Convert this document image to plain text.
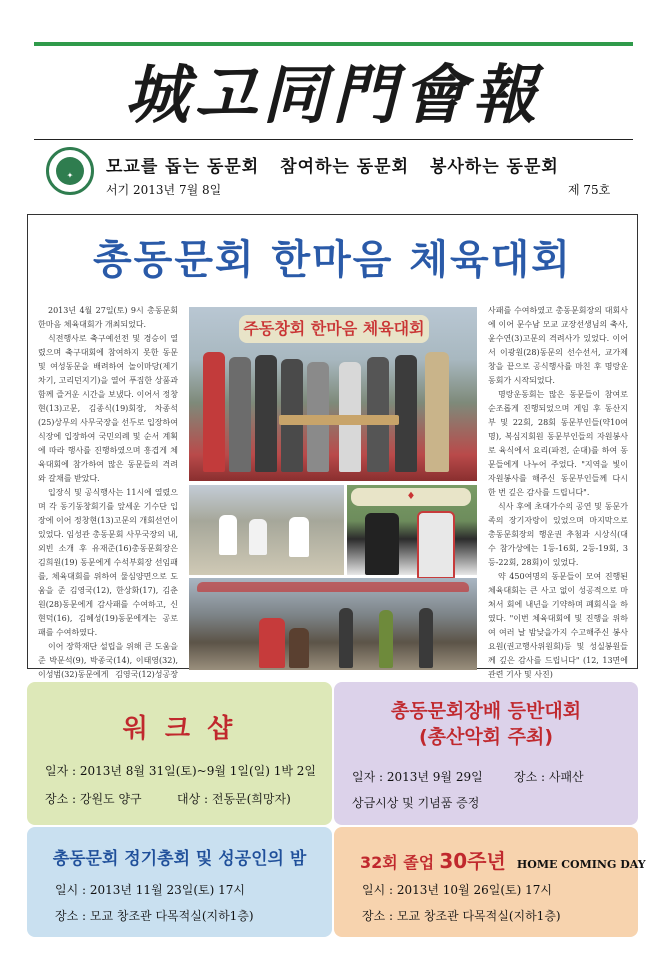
城고同門會報
✦	모교를 돕는 동문회 참여하는 동문회 봉사하는 동문회
서기 2013년 7월 8일	제 75호
총동문회 한마음 체육대회

2013년 4월 27일(토) 9시 총동문회 한마음 체육대회가 개최되었다.

식전행사로 축구예선전 및 경승이 열렸으며 축구대회에 참여하지 못한 동문 및 여성동문을 배려하여 놀이마당(제기차기, 고리던지기)을 열어 푸짐한 상품과 함께 즐거운 시간을 보냈다. 이어서 정창현(13)고문, 김종식(19)회장, 차종석(25)상무의 사무국장을 선두로 입장하여 식장에 입장하여 국민의례 및 순서 계획에 따라 행사를 진행하였으며 흥겹게 체육대회에 참가하여 많은 동문들의 격려와 갈채를 받았다.

입장식 및 공식행사는 11시에 열렸으며 각 동기동창회기를 앞세운 기수단 입장에 이어 정창현(13)고문의 개회선언이 있었다. 임성관 총동문회 사무국장의 내, 외빈 소개 후 유재준(16)총동문회장은 김희원(19) 동문에게 수석부회장 선임패를, 체육대회를 위하여 물심양면으로 도움을 준 김영국(12), 한상화(17), 김춘원(28)동문에게 감사패를 수여하고, 신현덕(16), 김혜성(19)동문에게는 공로패를 수여하였다.

이어 장학재단 설립을 위해 큰 도움을 준 박문석(9), 박종국(14), 이태영(32), 이성범(32)동문에게 김영국(12)성공장

주동창회 한마음 체육대회
♦

사패를 수여하였고 총동문회장의 대회사에 이어 문수남 모교 교장선생님의 축사, 윤수연(3)고문의 격려사가 있었다. 이어서 이광원(28)동문의 선수선서, 교가제창을 끝으로 공식행사를 마친 후 명랑운동회가 시작되었다.

명랑운동회는 많은 동문들이 참여로 순조롭게 진행되었으며 게임 후 동산지부 및 22회, 28회 동문부인들(약10여명), 복심지회원 동문부인들의 자원봉사로 육식에서 요리(파전, 순대)를 하여 동문들에게 나누어 주었다. "지역을 빛이 자원봉사를 해주신 동문부인들께 다시 한 번 깊은 감사를 드립니다".

식사 후에 초대가수의 공연 및 동문가족의 장기자랑이 있었으며 마지막으로 총동문회장의 행운권 추첨과 시상식(대수 참가상에는 1등-16회, 2등-19회, 3등-22회, 28회)이 있었다.

약 450여명의 동문들이 모여 진행된 체육대회는 큰 사고 없이 성공적으로 마쳐서 회에 내년을 기약하며 폐회식을 하였다. "이번 체육대회에 및 진행을 위하여 여러 날 밤낮을가지 수고해주신 봉사요원(권고행사위원회)등 및 성실봉원들께 깊은 감사를 드립니다" (12, 13면에 관련 기사 및 사진)

워 크 샵
일자 : 2013년 8월 31일(토)~9월 1일(일) 1박 2일
장소 : 강원도 양구	대상 : 전동문(희망자)
총동문회장배 등반대회
(총산악회 주최)
일자 : 2013년 9월 29일	장소 : 사패산
상금시상 및 기념품 증정
총동문회 정기총회 및 성공인의 밤
일시 : 2013년 11월 23일(토) 17시
장소 : 모교 창조관 다목적실(지하1층)
32회 졸업 30주년 HOME COMING DAY
일시 : 2013년 10월 26일(토) 17시
장소 : 모교 창조관 다목적실(지하1층)
